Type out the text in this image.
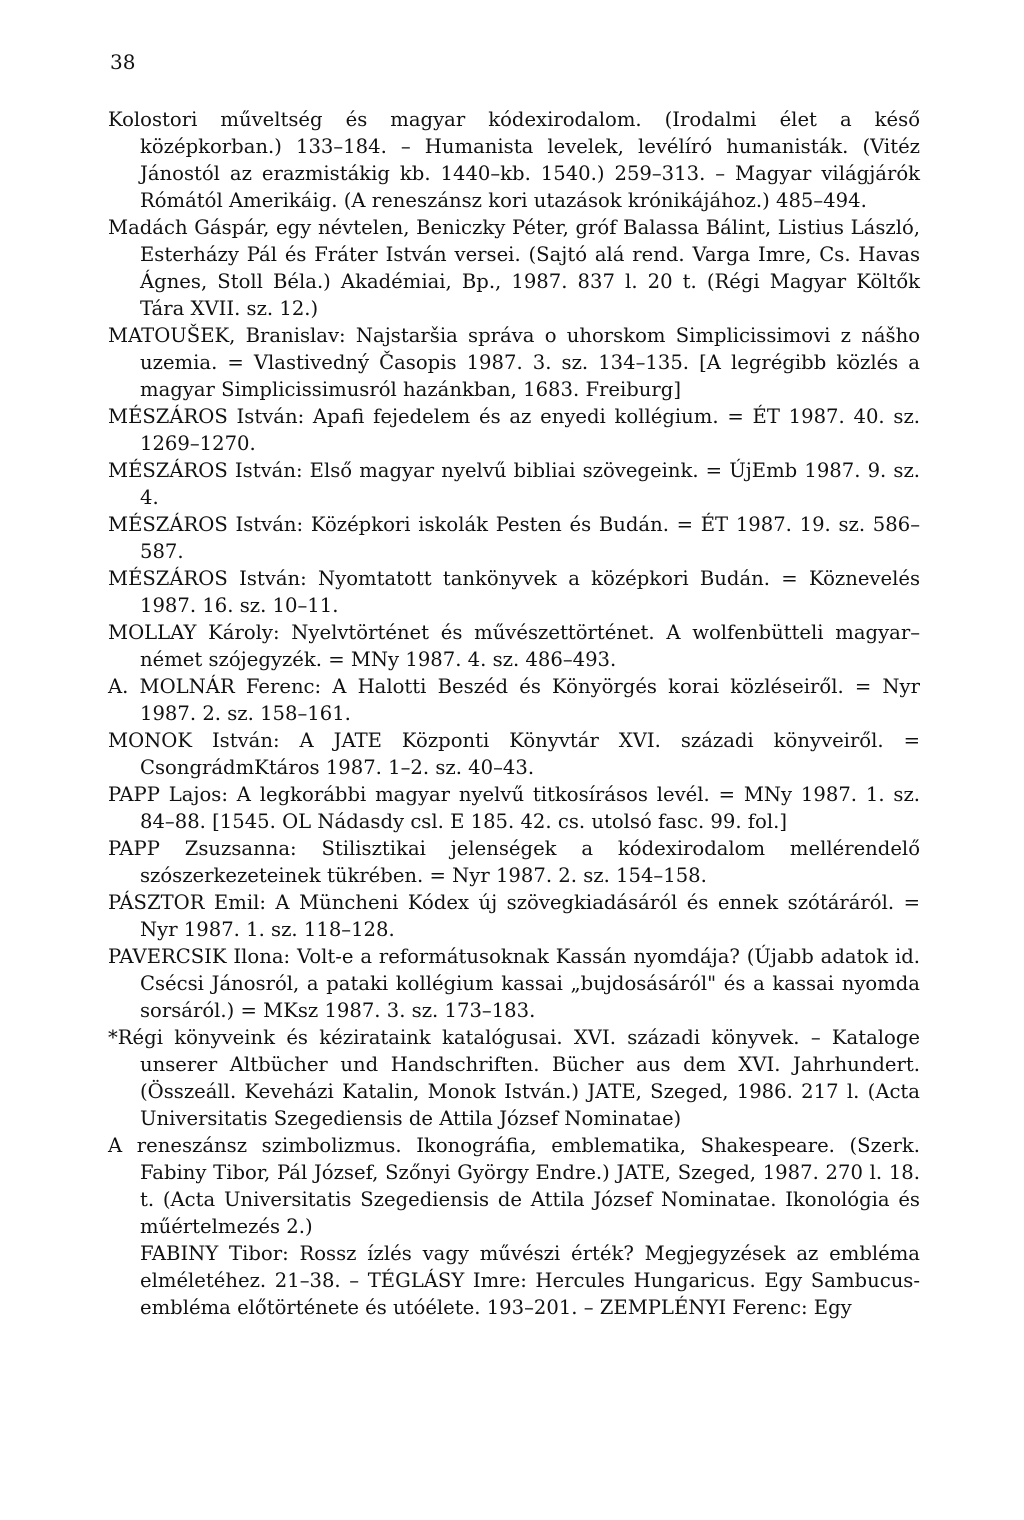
38

Kolostori műveltség és magyar kódexirodalom. (Irodalmi élet a késő középkorban.) 133–184. – Humanista levelek, levélíró humanisták. (Vitéz Jánostól az erazmistákig kb. 1440–kb. 1540.) 259–313. – Magyar világjárók Rómától Amerikáig. (A reneszánsz kori utazások krónikájához.) 485–494.

Madách Gáspár, egy névtelen, Beniczky Péter, gróf Balassa Bálint, Listius László, Esterházy Pál és Fráter István versei. (Sajtó alá rend. Varga Imre, Cs. Havas Ágnes, Stoll Béla.) Akadémiai, Bp., 1987. 837 l. 20 t. (Régi Magyar Költők Tára XVII. sz. 12.)

MATOUŠEK, Branislav: Najstaršia správa o uhorskom Simplicissimovi z nášho uzemia. = Vlastivedný Časopis 1987. 3. sz. 134–135. [A legrégibb közlés a magyar Simplicissimusról hazánkban, 1683. Freiburg]

MÉSZÁROS István: Apafi fejedelem és az enyedi kollégium. = ÉT 1987. 40. sz. 1269–1270.

MÉSZÁROS István: Első magyar nyelvű bibliai szövegeink. = ÚjEmb 1987. 9. sz. 4.

MÉSZÁROS István: Középkori iskolák Pesten és Budán. = ÉT 1987. 19. sz. 586–587.

MÉSZÁROS István: Nyomtatott tankönyvek a középkori Budán. = Köznevelés 1987. 16. sz. 10–11.

MOLLAY Károly: Nyelvtörténet és művészettörténet. A wolfenbütteli magyar–német szójegyzék. = MNy 1987. 4. sz. 486–493.

A. MOLNÁR Ferenc: A Halotti Beszéd és Könyörgés korai közléseiről. = Nyr 1987. 2. sz. 158–161.

MONOK István: A JATE Központi Könyvtár XVI. századi könyveiről. = CsongrádmKtáros 1987. 1–2. sz. 40–43.

PAPP Lajos: A legkorábbi magyar nyelvű titkosírásos levél. = MNy 1987. 1. sz. 84–88. [1545. OL Nádasdy csl. E 185. 42. cs. utolsó fasc. 99. fol.]

PAPP Zsuzsanna: Stilisztikai jelenségek a kódexirodalom mellérendelő szószerkezeteinek tükrében. = Nyr 1987. 2. sz. 154–158.

PÁSZTOR Emil: A Müncheni Kódex új szövegkiadásáról és ennek szótáráról. = Nyr 1987. 1. sz. 118–128.

PAVERCSIK Ilona: Volt-e a reformátusoknak Kassán nyomdája? (Újabb adatok id. Csécsi Jánosról, a pataki kollégium kassai „bujdosásáról" és a kassai nyomda sorsáról.) = MKsz 1987. 3. sz. 173–183.

*Régi könyveink és kézirataink katalógusai. XVI. századi könyvek. – Kataloge unserer Altbücher und Handschriften. Bücher aus dem XVI. Jahrhundert. (Összeáll. Keveházi Katalin, Monok István.) JATE, Szeged, 1986. 217 l. (Acta Universitatis Szegediensis de Attila József Nominatae)

A reneszánsz szimbolizmus. Ikonográfia, emblematika, Shakespeare. (Szerk. Fabiny Tibor, Pál József, Szőnyi György Endre.) JATE, Szeged, 1987. 270 l. 18. t. (Acta Universitatis Szegediensis de Attila József Nominatae. Ikonológia és műértelmezés 2.)

FABINY Tibor: Rossz ízlés vagy művészi érték? Megjegyzések az embléma elméletéhez. 21–38. – TÉGLÁSY Imre: Hercules Hungaricus. Egy Sambucus-embléma előtörténete és utóélete. 193–201. – ZEMPLÉNYI Ferenc: Egy
